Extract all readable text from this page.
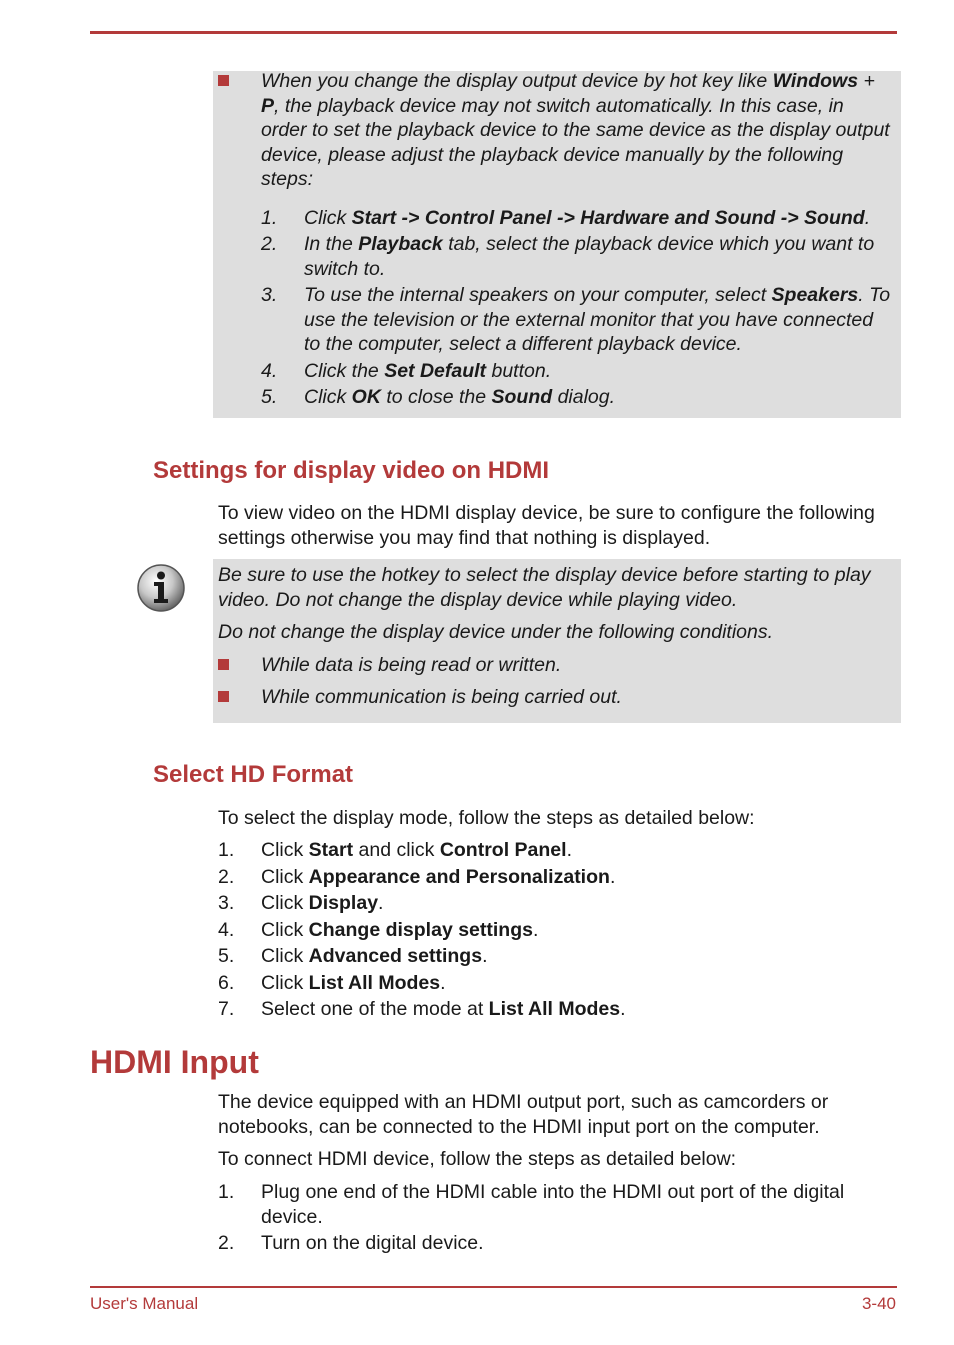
When you change the display output device by hot key like Windows + P, the playback device may not switch automatically. In this case, in order to set the playback device to the same device as the display output device, please adjust the playback device manually by the following steps:

1. Click Start -> Control Panel -> Hardware and Sound -> Sound.
2. In the Playback tab, select the playback device which you want to switch to.
3. To use the internal speakers on your computer, select Speakers. To use the television or the external monitor that you have connected to the computer, select a different playback device.
4. Click the Set Default button.
5. Click OK to close the Sound dialog.
Settings for display video on HDMI

To view video on the HDMI display device, be sure to configure the following settings otherwise you may find that nothing is displayed.

Be sure to use the hotkey to select the display device before starting to play video. Do not change the display device while playing video.

Do not change the display device under the following conditions.

While data is being read or written.

While communication is being carried out.

Select HD Format

To select the display mode, follow the steps as detailed below:

1. Click Start and click Control Panel.
2. Click Appearance and Personalization.
3. Click Display.
4. Click Change display settings.
5. Click Advanced settings.
6. Click List All Modes.
7. Select one of the mode at List All Modes.
HDMI Input

The device equipped with an HDMI output port, such as camcorders or notebooks, can be connected to the HDMI input port on the computer.

To connect HDMI device, follow the steps as detailed below:

1. Plug one end of the HDMI cable into the HDMI out port of the digital device.
2. Turn on the digital device.
User's Manual	3-40
